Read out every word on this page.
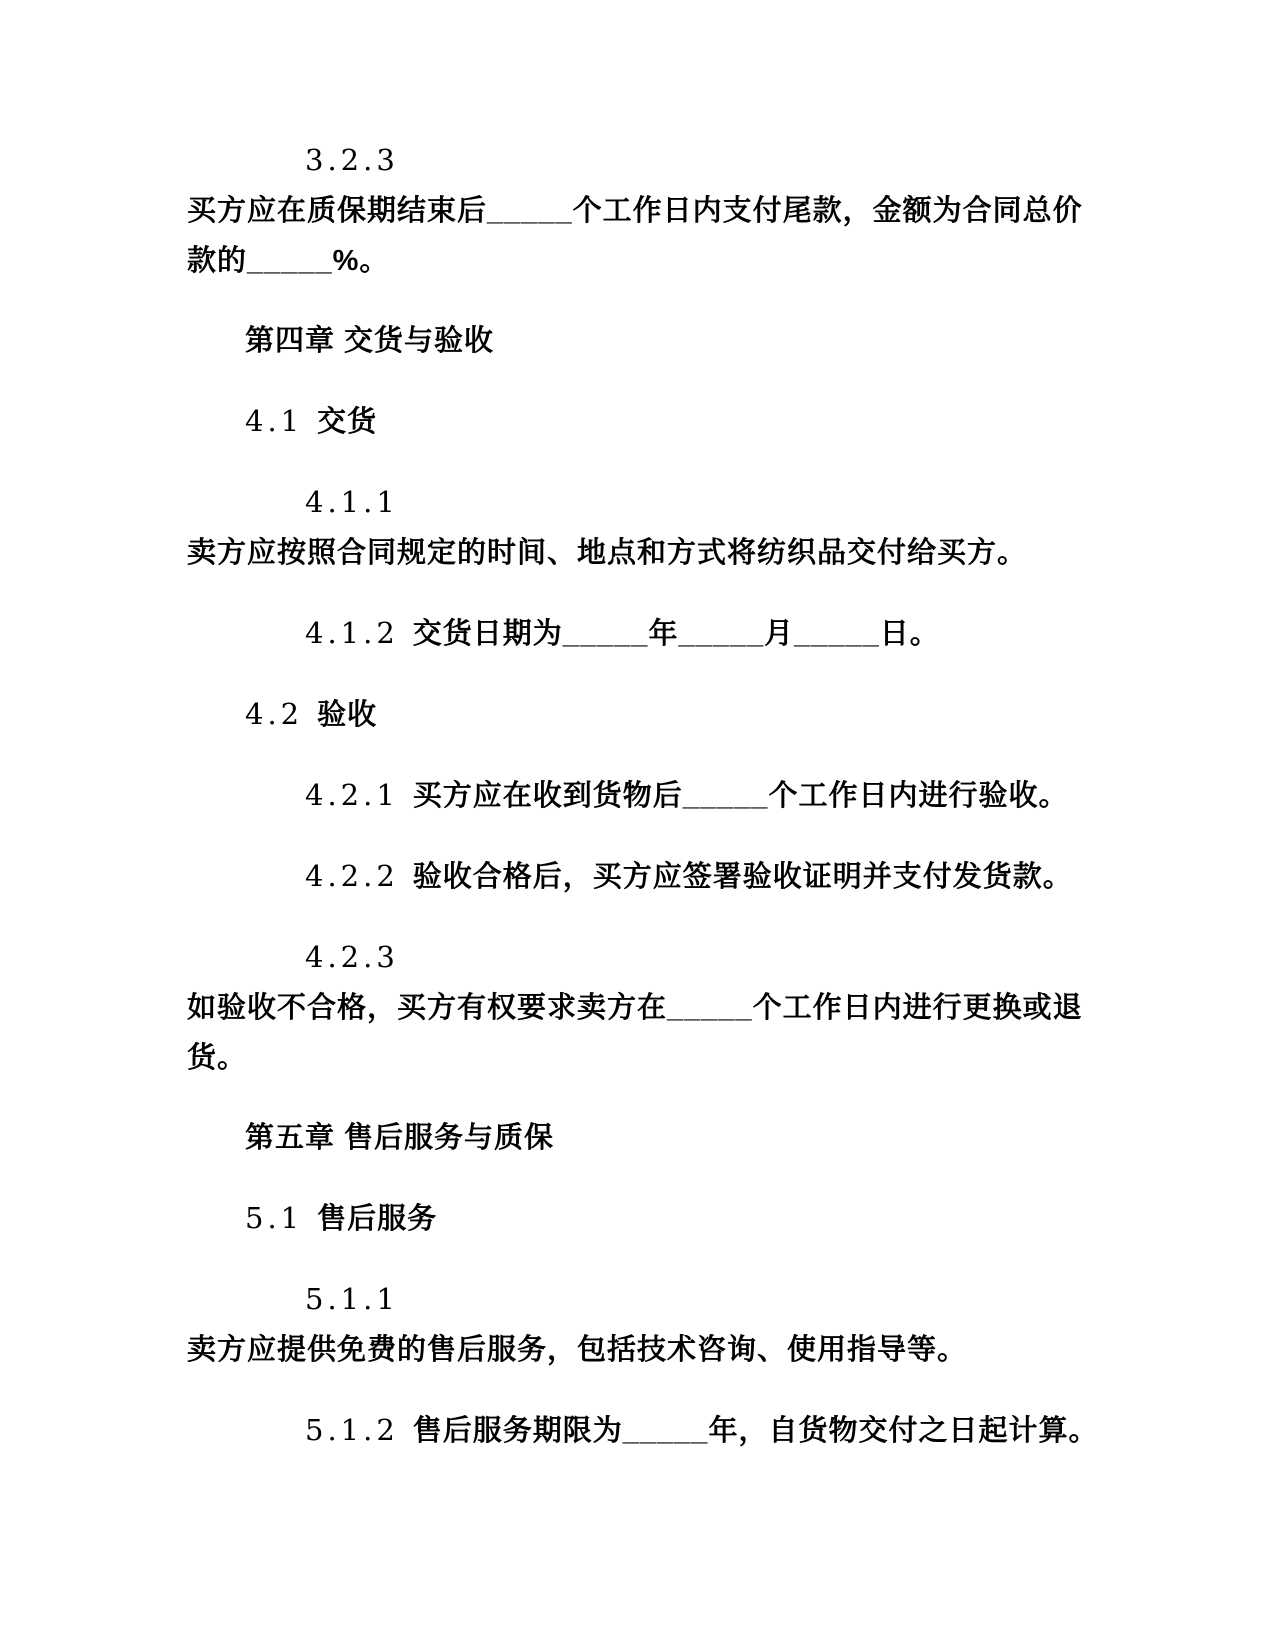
3.2.3
买方应在质保期结束后_____个工作日内支付尾款，金额为合同总价
款的_____%。
第四章 交货与验收
4.1 交货
4.1.1
卖方应按照合同规定的时间、地点和方式将纺织品交付给买方。
4.1.2 交货日期为_____年_____月_____日。
4.2 验收
4.2.1 买方应在收到货物后_____个工作日内进行验收。
4.2.2 验收合格后，买方应签署验收证明并支付发货款。
4.2.3
如验收不合格，买方有权要求卖方在_____个工作日内进行更换或退
货。
第五章 售后服务与质保
5.1 售后服务
5.1.1
卖方应提供免费的售后服务，包括技术咨询、使用指导等。
5.1.2 售后服务期限为_____年，自货物交付之日起计算。
